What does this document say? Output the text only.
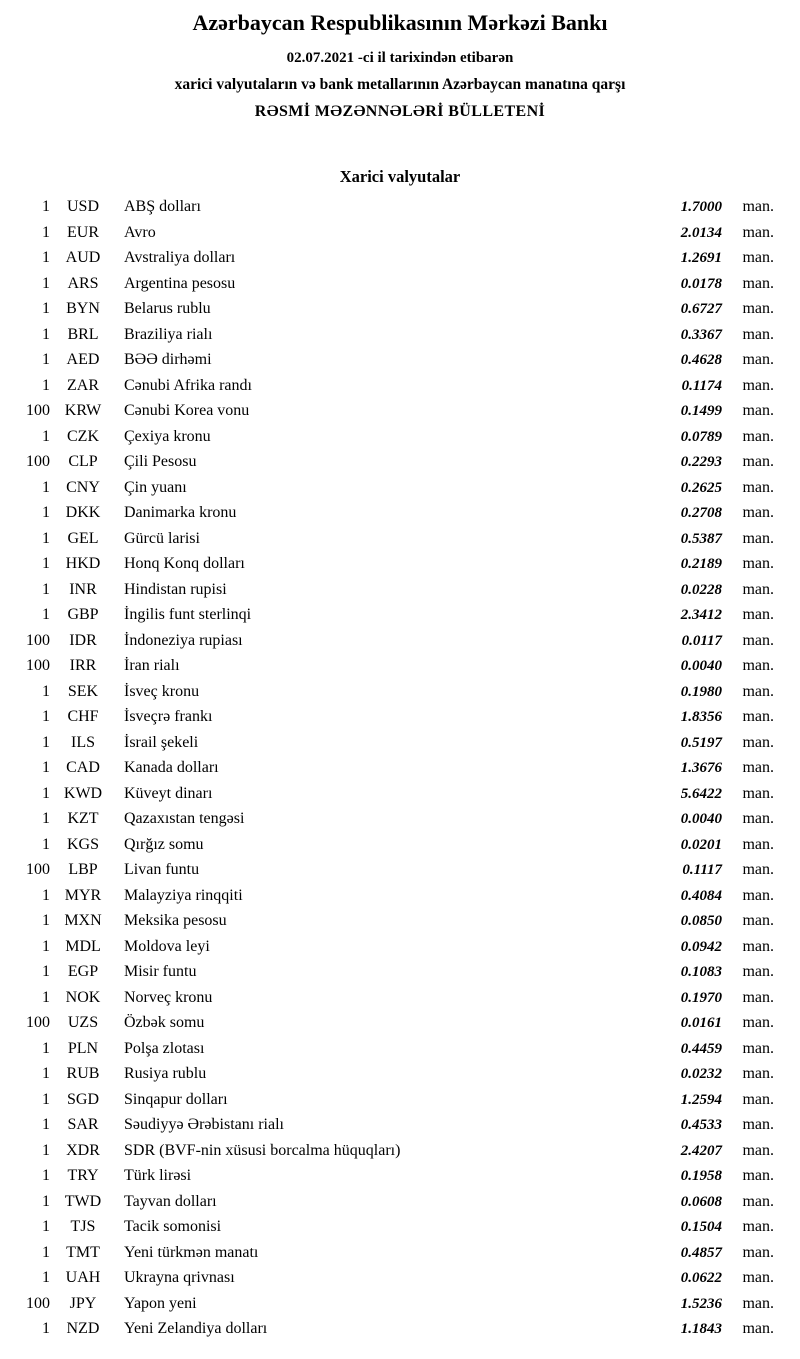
Azərbaycan Respublikasının Mərkəzi Bankı
02.07.2021 -ci il tarixindən etibarən
xarici valyutaların və bank metallarının Azərbaycan manatına qarşı
RƏSMİ MƏZƏNNƏLƏRİ BÜLLETENİ
Xarici valyutalar
1	USD	ABŞ dolları	1.7000	man.
1	EUR	Avro	2.0134	man.
1 AUD	Avstraliya dolları	1.2691	man.
1	ARS	Argentina pesosu	0.0178	man.
1	BYN	Belarus rublu	0.6727	man.
1	BRL	Braziliya rialı	0.3367	man.
1	AED	BƏƏ dirhəmi	0.4628	man.
1	ZAR	Cənubi Afrika randı	0.1174	man.
100 KRW	Cənubi Korea vonu	0.1499	man.
1	CZK	Çexiya kronu	0.0789	man.
100	CLP	Çili Pesosu	0.2293	man.
1	CNY	Çin yuanı	0.2625	man.
1 DKK	Danimarka kronu	0.2708	man.
1	GEL	Gürcü larisi	0.5387	man.
1 HKD	Honq Konq dolları	0.2189	man.
1	INR	Hindistan rupisi	0.0228	man.
1	GBP	İngilis funt sterlinqi	2.3412	man.
100	IDR	İndoneziya rupiası	0.0117	man.
100	IRR	İran rialı	0.0040	man.
1	SEK	İsveç kronu	0.1980	man.
1	CHF	İsveçrə frankı	1.8356	man.
1	ILS	İsrail şekeli	0.5197	man.
1	CAD	Kanada dolları	1.3676	man.
1 KWD	Küveyt dinarı	5.6422	man.
1	KZT	Qazaxıstan tengəsi	0.0040	man.
1	KGS	Qırğız somu	0.0201	man.
100	LBP	Livan funtu	0.1117	man.
1 MYR	Malayziya rinqqiti	0.4084	man.
1 MXN	Meksika pesosu	0.0850	man.
1 MDL	Moldova leyi	0.0942	man.
1	EGP	Misir funtu	0.1083	man.
1 NOK	Norveç kronu	0.1970	man.
100	UZS	Özbək somu	0.0161	man.
1	PLN	Polşa zlotası	0.4459	man.
1	RUB	Rusiya rublu	0.0232	man.
1	SGD	Sinqapur dolları	1.2594	man.
1	SAR	Səudiyyə Ərəbistanı rialı	0.4533	man.
1	XDR	SDR (BVF-nin xüsusi borcalma hüquqları)	2.4207	man.
1	TRY	Türk lirəsi	0.1958	man.
1 TWD	Tayvan dolları	0.0608	man.
1	TJS	Tacik somonisi	0.1504	man.
1	TMT	Yeni türkmən manatı	0.4857	man.
1 UAH	Ukrayna qrivnası	0.0622	man.
100	JPY	Yapon yeni	1.5236	man.
1	NZD	Yeni Zelandiya dolları	1.1843	man.
